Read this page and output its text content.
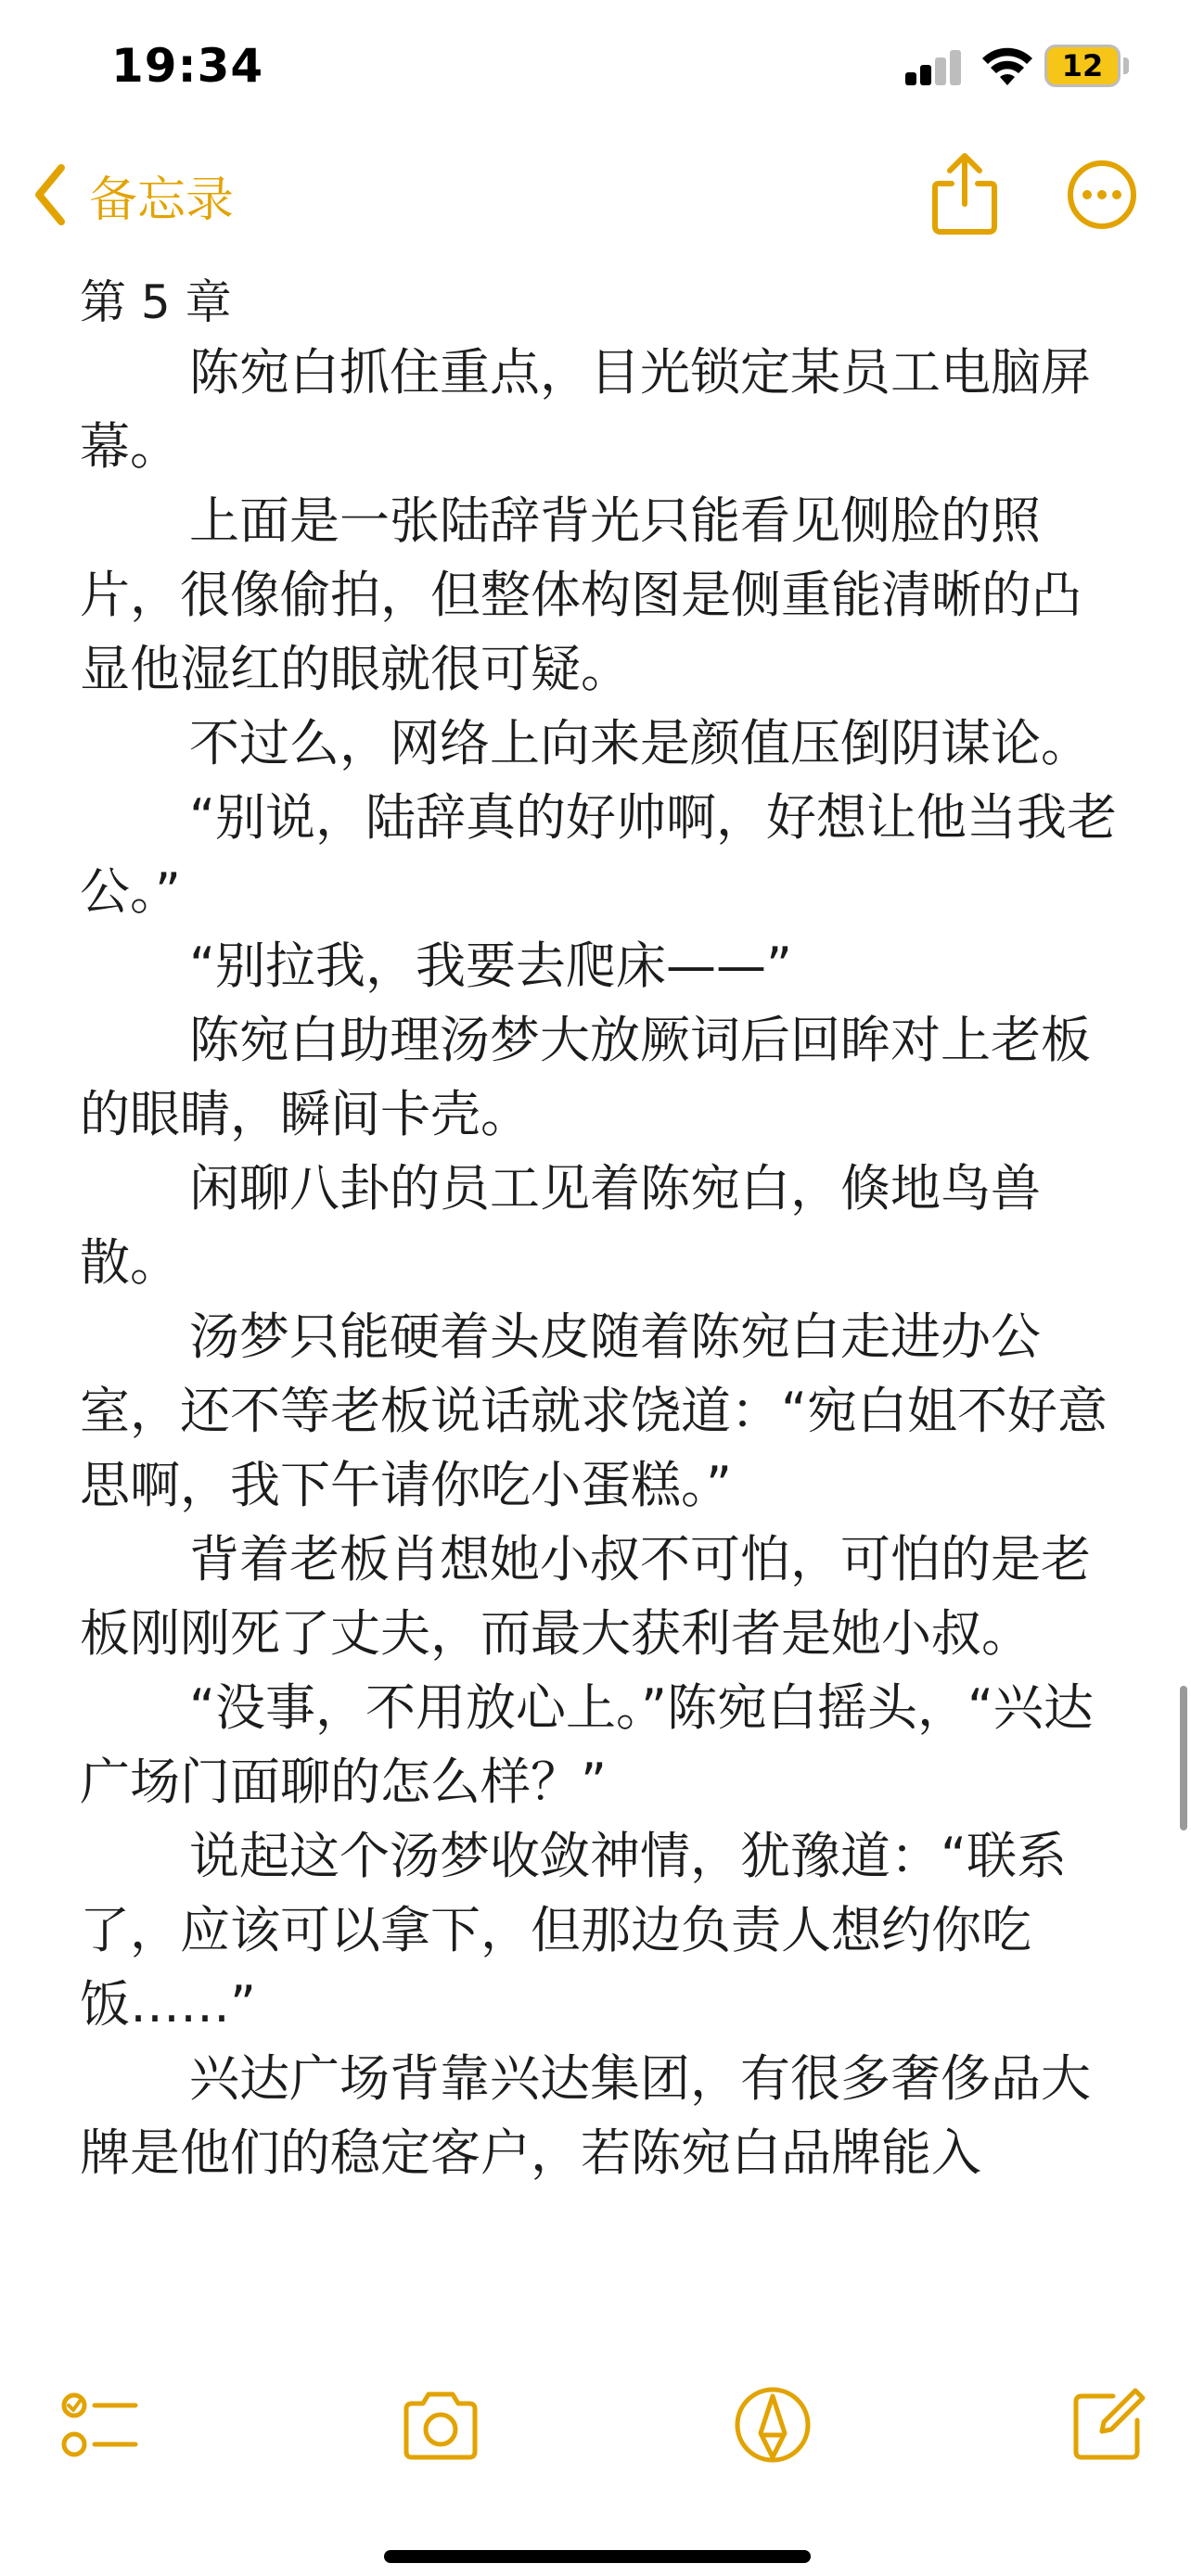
19:34	12
备忘录

第 5 章

陈宛白抓住重点，目光锁定某员工电脑屏幕。

上面是一张陆辞背光只能看见侧脸的照片，很像偷拍，但整体构图是侧重能清晰的凸显他湿红的眼就很可疑。

不过么，网络上向来是颜值压倒阴谋论。

“别说，陆辞真的好帅啊，好想让他当我老公。”

“别拉我，我要去爬床——”

陈宛白助理汤梦大放厥词后回眸对上老板的眼睛，瞬间卡壳。

闲聊八卦的员工见着陈宛白，倏地鸟兽散。

汤梦只能硬着头皮随着陈宛白走进办公室，还不等老板说话就求饶道：“宛白姐不好意思啊，我下午请你吃小蛋糕。”

背着老板肖想她小叔不可怕，可怕的是老板刚刚死了丈夫，而最大获利者是她小叔。

“没事，不用放心上。”陈宛白摇头，“兴达广场门面聊的怎么样？”

说起这个汤梦收敛神情，犹豫道：“联系了，应该可以拿下，但那边负责人想约你吃饭……”

兴达广场背靠兴达集团，有很多奢侈品大牌是他们的稳定客户，若陈宛白品牌能入
